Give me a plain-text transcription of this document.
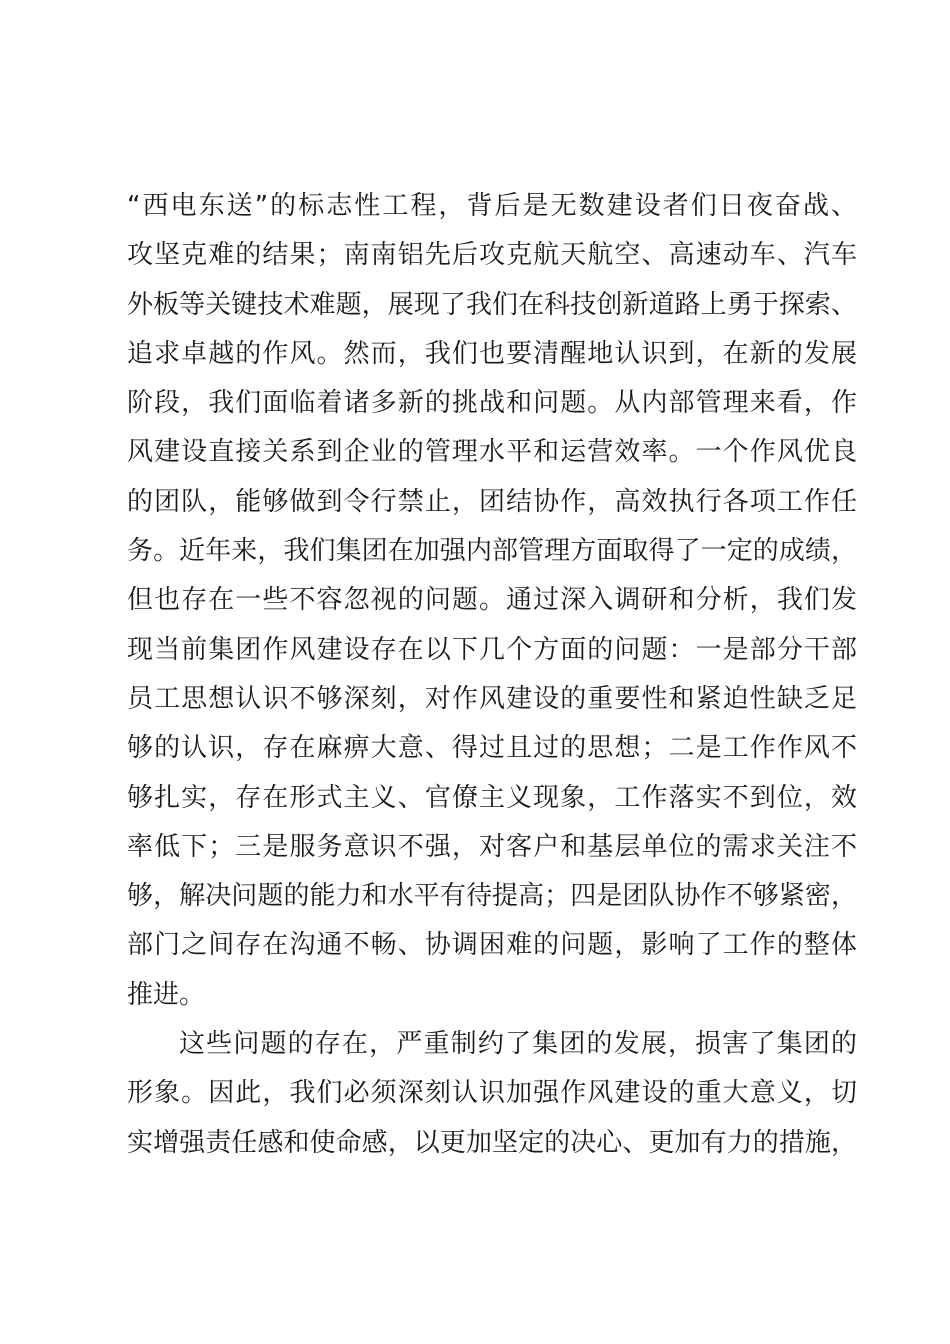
“西电东送”的标志性工程，背后是无数建设者们日夜奋战、
攻坚克难的结果；南南铝先后攻克航天航空、高速动车、汽车
外板等关键技术难题，展现了我们在科技创新道路上勇于探索、
追求卓越的作风。然而，我们也要清醒地认识到，在新的发展
阶段，我们面临着诸多新的挑战和问题。从内部管理来看，作
风建设直接关系到企业的管理水平和运营效率。一个作风优良
的团队，能够做到令行禁止，团结协作，高效执行各项工作任
务。近年来，我们集团在加强内部管理方面取得了一定的成绩，
但也存在一些不容忽视的问题。通过深入调研和分析，我们发
现当前集团作风建设存在以下几个方面的问题：一是部分干部
员工思想认识不够深刻，对作风建设的重要性和紧迫性缺乏足
够的认识，存在麻痹大意、得过且过的思想；二是工作作风不
够扎实，存在形式主义、官僚主义现象，工作落实不到位，效
率低下；三是服务意识不强，对客户和基层单位的需求关注不
够，解决问题的能力和水平有待提高；四是团队协作不够紧密，
部门之间存在沟通不畅、协调困难的问题，影响了工作的整体
推进。
这些问题的存在，严重制约了集团的发展，损害了集团的
形象。因此，我们必须深刻认识加强作风建设的重大意义，切
实增强责任感和使命感，以更加坚定的决心、更加有力的措施，
